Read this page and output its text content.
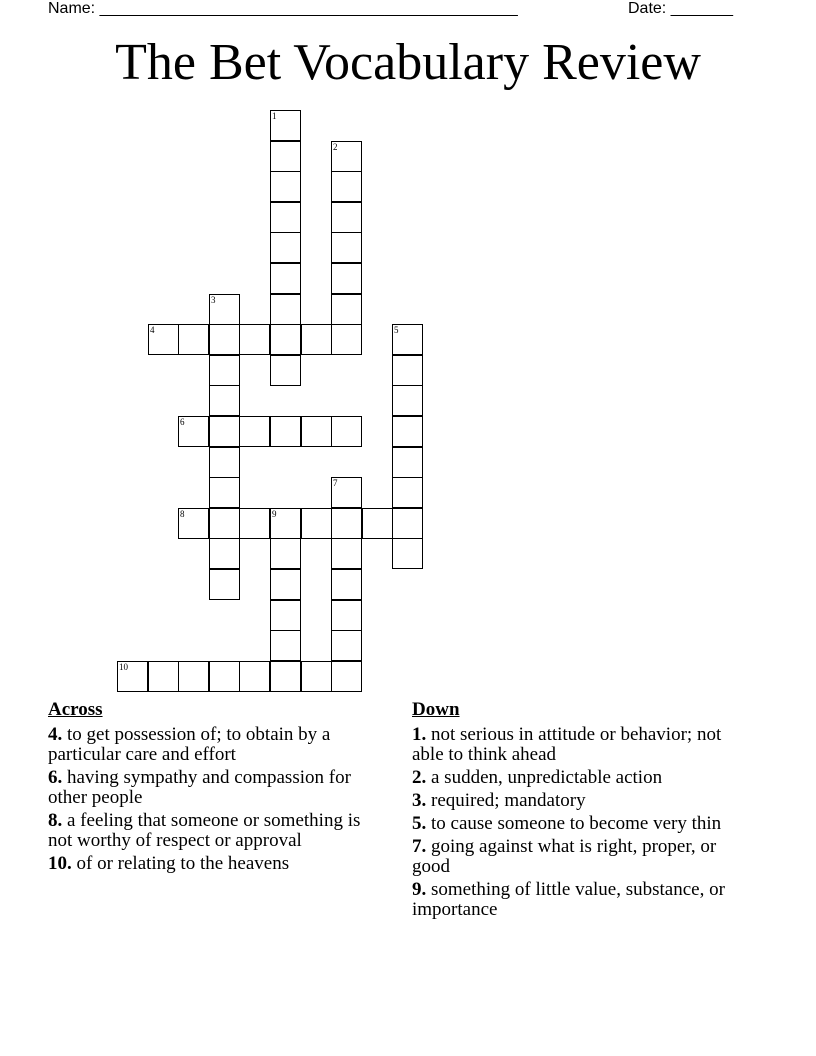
Name: _______________________________________________	Date: _______
The Bet Vocabulary Review
1
2
3
4	5
6
7
8	9
10
Across
4. to get possession of; to obtain by a particular care and effort
6. having sympathy and compassion for other people
8. a feeling that someone or something is not worthy of respect or approval
10. of or relating to the heavens
Down
1. not serious in attitude or behavior; not able to think ahead
2. a sudden, unpredictable action
3. required; mandatory
5. to cause someone to become very thin
7. going against what is right, proper, or good
9. something of little value, substance, or importance
